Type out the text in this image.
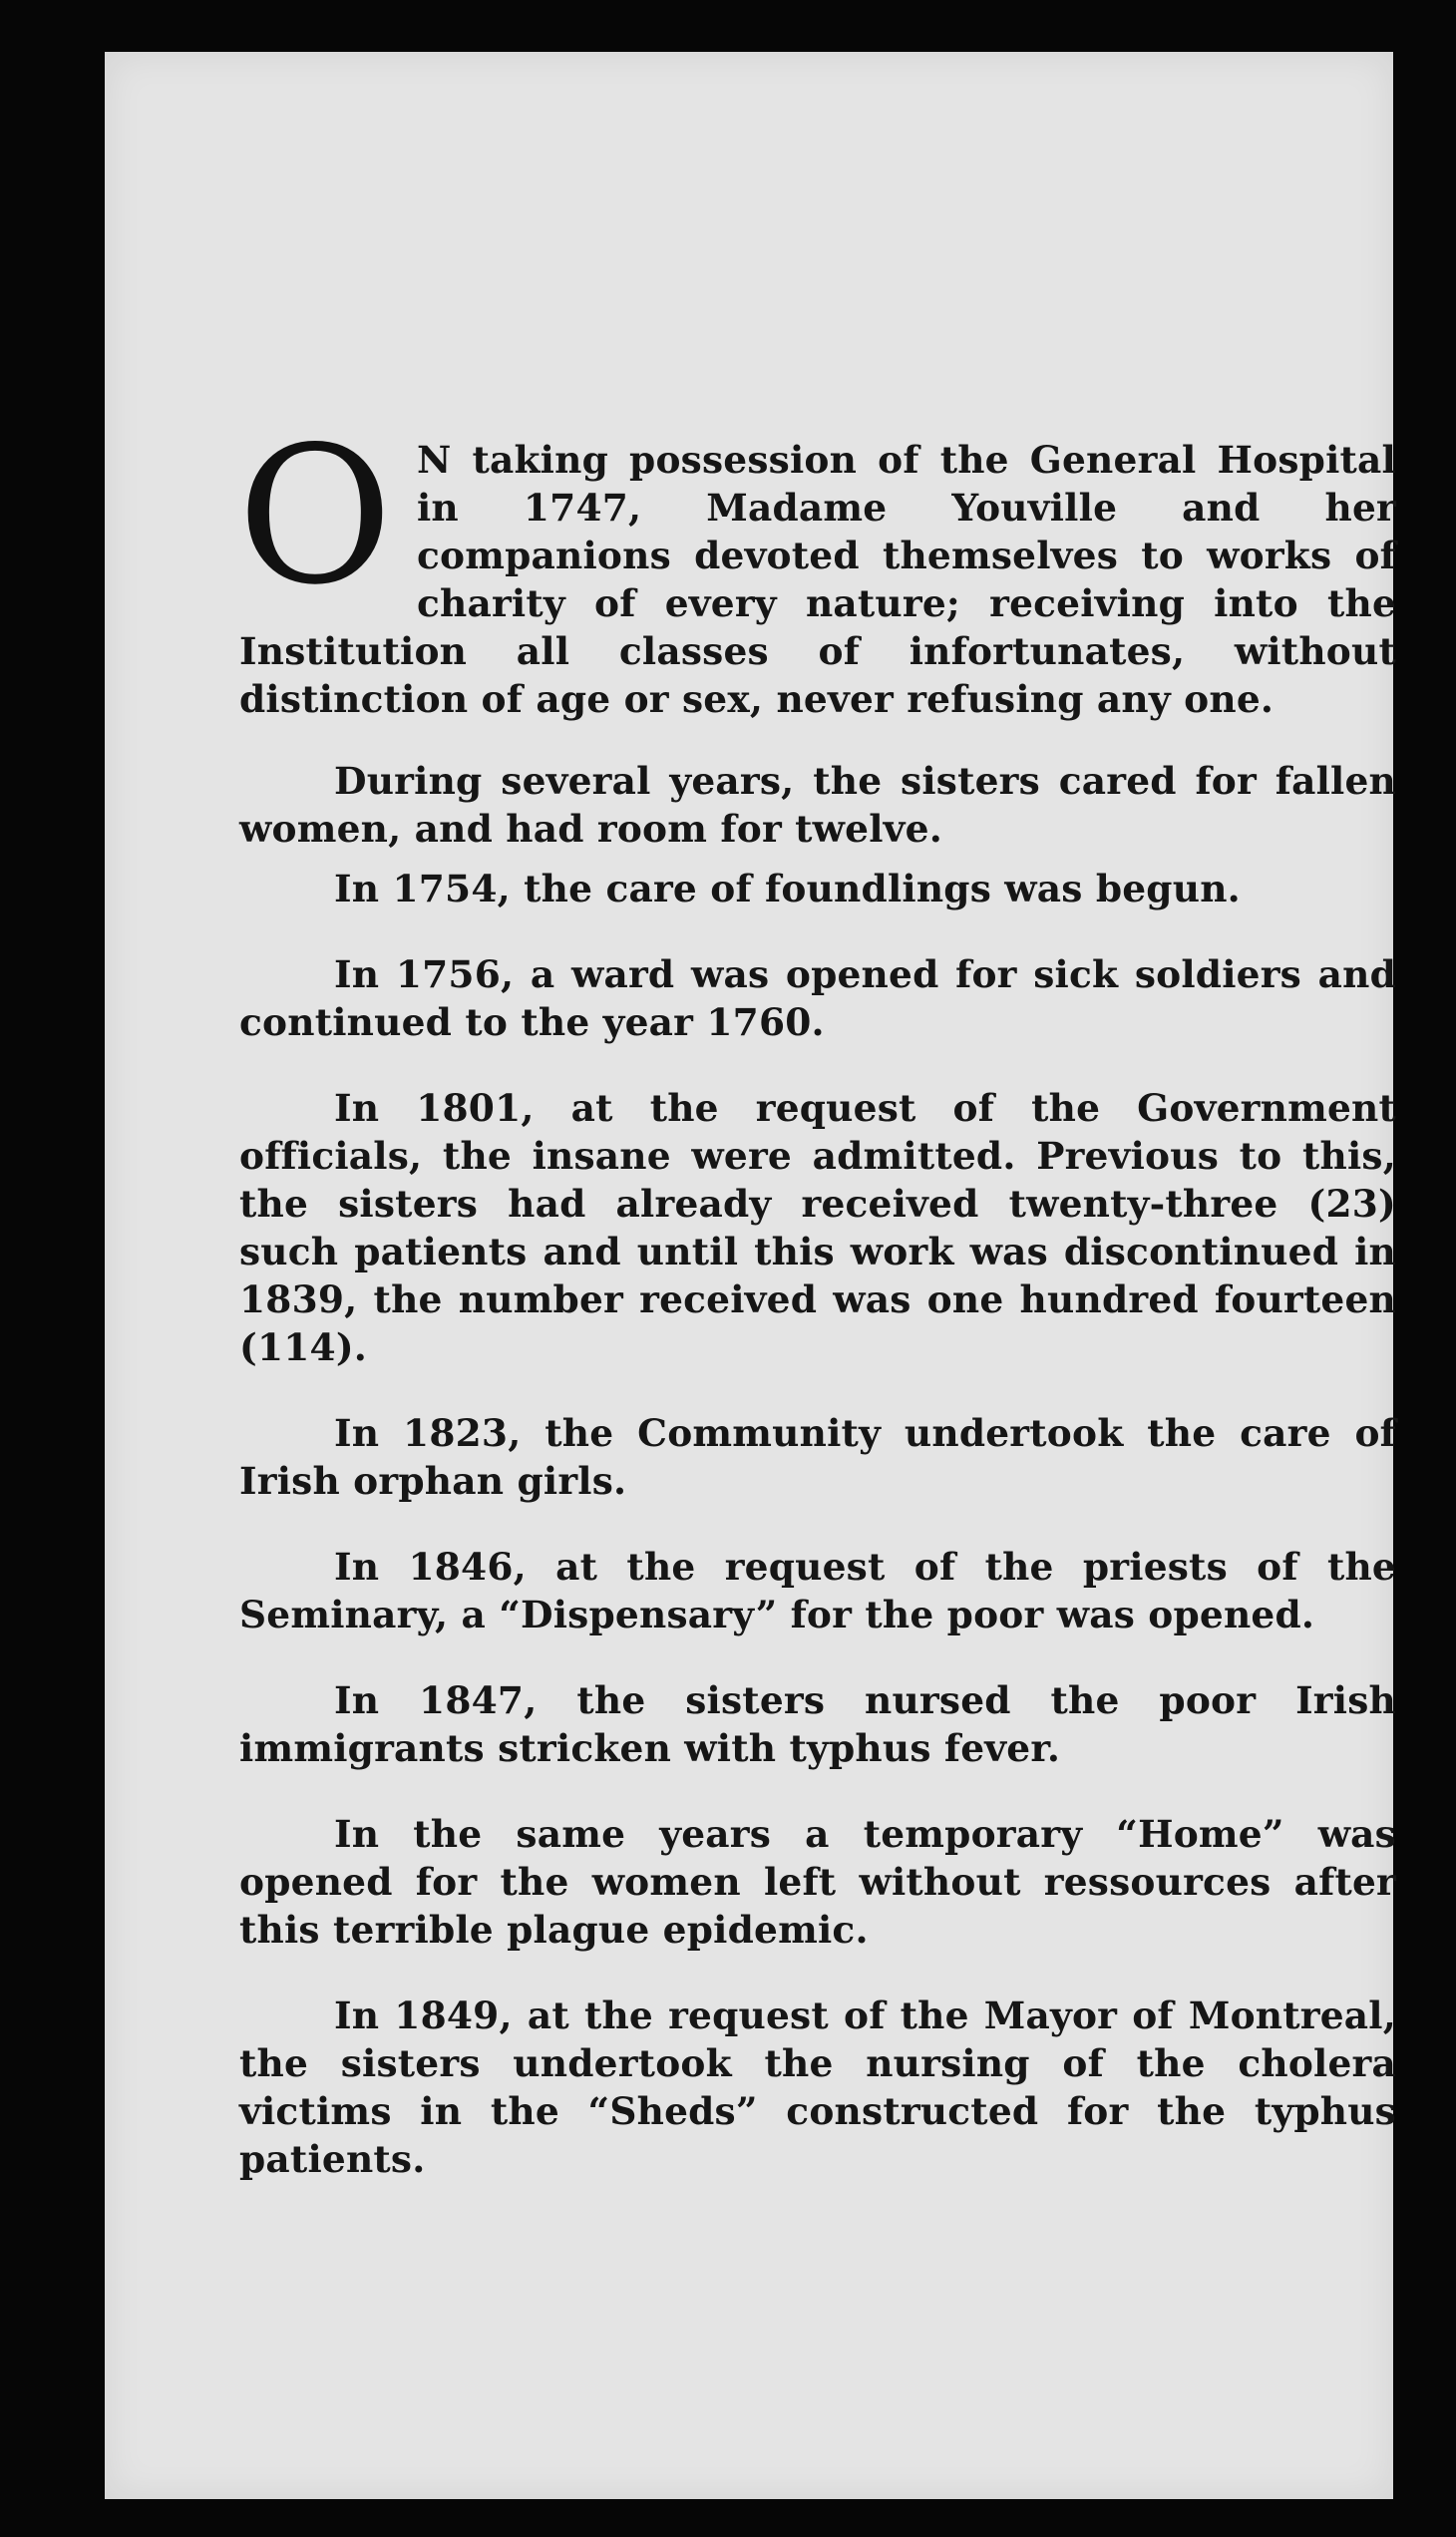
O N taking possession of the General Hospital in 1747, Madame Youville and her companions devoted themselves to works of charity of every nature; receiving into the Institution all classes of infortunates, without distinction of age or sex, never refusing any one.

During several years, the sisters cared for fallen women, and had room for twelve.

In 1754, the care of foundlings was begun.

In 1756, a ward was opened for sick soldiers and continued to the year 1760.

In 1801, at the request of the Government officials, the insane were admitted. Previous to this, the sisters had already received twenty-three (23) such patients and until this work was discontinued in 1839, the number received was one hundred fourteen (114).

In 1823, the Community undertook the care of Irish orphan girls.

In 1846, at the request of the priests of the Seminary, a “Dispensary” for the poor was opened.

In 1847, the sisters nursed the poor Irish immigrants stricken with typhus fever.

In the same years a temporary “Home” was opened for the women left without ressources after this terrible plague epidemic.

In 1849, at the request of the Mayor of Montreal, the sisters undertook the nursing of the cholera victims in the “Sheds” constructed for the typhus patients.
